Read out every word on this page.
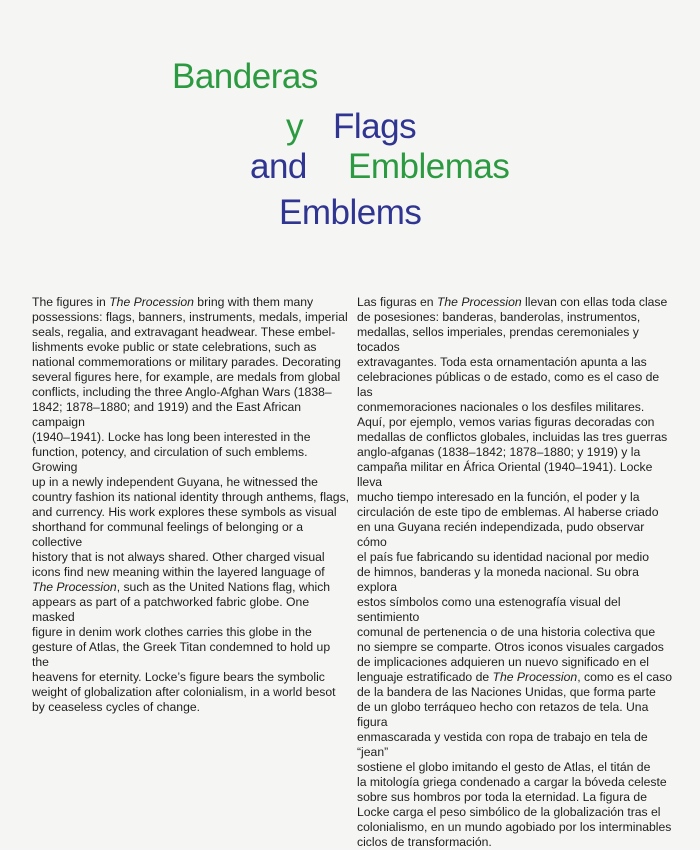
Banderas
y Flags
and Emblemas
Emblems
The figures in The Procession bring with them many
possessions: flags, banners, instruments, medals, imperial
seals, regalia, and extravagant headwear. These embel-
lishments evoke public or state celebrations, such as
national commemorations or military parades. Decorating
several figures here, for example, are medals from global
conflicts, including the three Anglo-Afghan Wars (1838–
1842; 1878–1880; and 1919) and the East African campaign
(1940–1941). Locke has long been interested in the
function, potency, and circulation of such emblems. Growing
up in a newly independent Guyana, he witnessed the
country fashion its national identity through anthems, flags,
and currency. His work explores these symbols as visual
shorthand for communal feelings of belonging or a collective
history that is not always shared. Other charged visual
icons find new meaning within the layered language of
The Procession, such as the United Nations flag, which
appears as part of a patchworked fabric globe. One masked
figure in denim work clothes carries this globe in the
gesture of Atlas, the Greek Titan condemned to hold up the
heavens for eternity. Locke’s figure bears the symbolic
weight of globalization after colonialism, in a world besot
by ceaseless cycles of change.
Las figuras en The Procession llevan con ellas toda clase
de posesiones: banderas, banderolas, instrumentos,
medallas, sellos imperiales, prendas ceremoniales y tocados
extravagantes. Toda esta ornamentación apunta a las
celebraciones públicas o de estado, como es el caso de las
conmemoraciones nacionales o los desfiles militares.
Aquí, por ejemplo, vemos varias figuras decoradas con
medallas de conflictos globales, incluidas las tres guerras
anglo-afganas (1838–1842; 1878–1880; y 1919) y la
campaña militar en África Oriental (1940–1941). Locke lleva
mucho tiempo interesado en la función, el poder y la
circulación de este tipo de emblemas. Al haberse criado
en una Guyana recién independizada, pudo observar cómo
el país fue fabricando su identidad nacional por medio
de himnos, banderas y la moneda nacional. Su obra explora
estos símbolos como una estenografía visual del sentimiento
comunal de pertenencia o de una historia colectiva que
no siempre se comparte. Otros iconos visuales cargados
de implicaciones adquieren un nuevo significado en el
lenguaje estratificado de The Procession, como es el caso
de la bandera de las Naciones Unidas, que forma parte
de un globo terráqueo hecho con retazos de tela. Una figura
enmascarada y vestida con ropa de trabajo en tela de “jean”
sostiene el globo imitando el gesto de Atlas, el titán de
la mitología griega condenado a cargar la bóveda celeste
sobre sus hombros por toda la eternidad. La figura de
Locke carga el peso simbólico de la globalización tras el
colonialismo, en un mundo agobiado por los interminables
ciclos de transformación.
